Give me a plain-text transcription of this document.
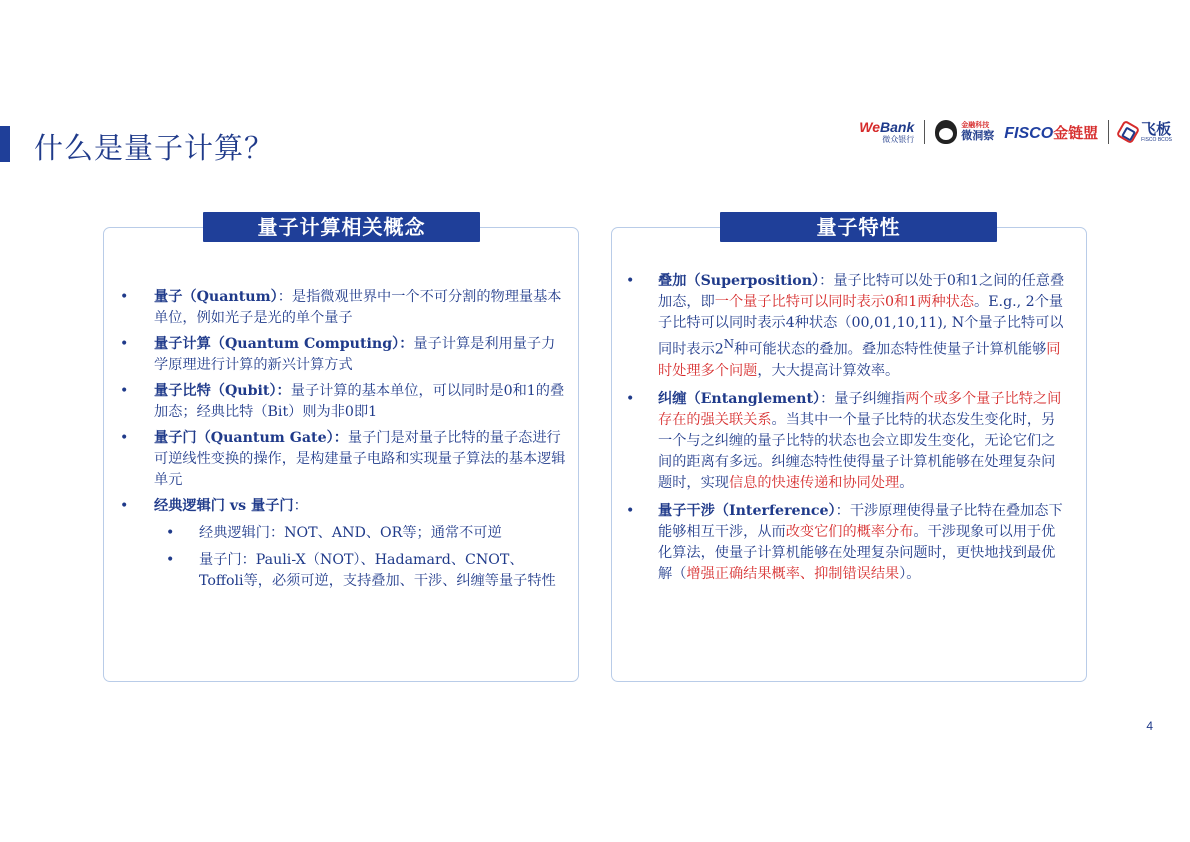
什么是量子计算？
WeBank
微众银行
金融科技
微洞察 FISCO金链盟	飞板
FISCO BCOS
量子计算相关概念	量子特性
• 量子（Quantum）：是指微观世界中一个不可分割的物理量基本单位，例如光子是光的单个量子
• 量子计算（Quantum Computing）：量子计算是利用量子力学原理进行计算的新兴计算方式
• 量子比特（Qubit）：量子计算的基本单位，可以同时是0和1的叠加态；经典比特（Bit）则为非0即1
• 量子门（Quantum Gate）：量子门是对量子比特的量子态进行可逆线性变换的操作，是构建量子电路和实现量子算法的基本逻辑单元
• 经典逻辑门 vs 量子门：
• 经典逻辑门：NOT、AND、OR等；通常不可逆
• 量子门：Pauli-X（NOT）、Hadamard、CNOT、Toffoli等，必须可逆，支持叠加、干涉、纠缠等量子特性
• 叠加（Superposition）：量子比特可以处于0和1之间的任意叠加态，即一个量子比特可以同时表示0和1两种状态。E.g., 2个量子比特可以同时表示4种状态（00,01,10,11), N个量子比特可以同时表示$2^N$种可能状态的叠加。叠加态特性使量子计算机能够同时处理多个问题，大大提高计算效率。
• 纠缠（Entanglement）：量子纠缠指两个或多个量子比特之间存在的强关联关系。当其中一个量子比特的状态发生变化时，另一个与之纠缠的量子比特的状态也会立即发生变化，无论它们之间的距离有多远。纠缠态特性使得量子计算机能够在处理复杂问题时，实现信息的快速传递和协同处理。
• 量子干涉（Interference）：干涉原理使得量子比特在叠加态下能够相互干涉，从而改变它们的概率分布。干涉现象可以用于优化算法，使量子计算机能够在处理复杂问题时，更快地找到最优解（增强正确结果概率、抑制错误结果）。
4
